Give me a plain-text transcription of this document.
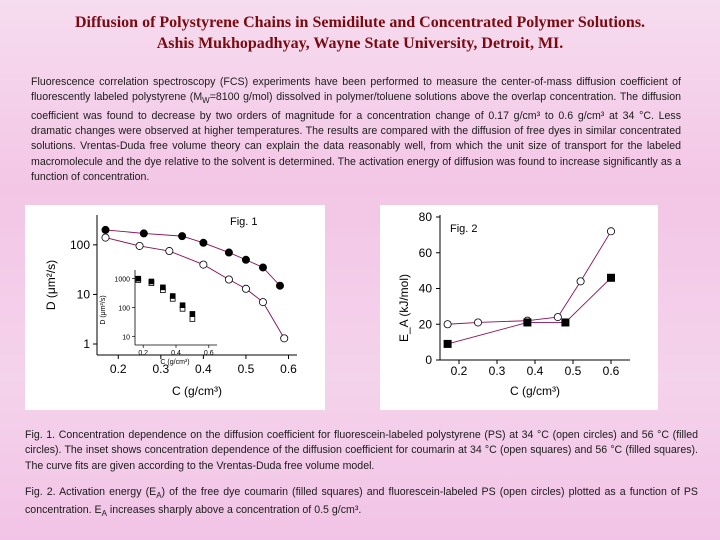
Diffusion of Polystyrene Chains in Semidilute and Concentrated Polymer Solutions.
Ashis Mukhopadhyay, Wayne State University, Detroit, MI.
Fluorescence correlation spectroscopy (FCS) experiments have been performed to measure the center-of-mass diffusion coefficient of fluorescently labeled polystyrene ($M_W=8100$ g/mol) dissolved in polymer/toluene solutions above the overlap concentration. The diffusion coefficient was found to decrease by two orders of magnitude for a concentration change of 0.17 g/cm³ to 0.6 g/cm³ at 34 °C. Less dramatic changes were observed at higher temperatures. The results are compared with the diffusion of free dyes in similar concentrated solutions. Vrentas-Duda free volume theory can explain the data reasonably well, from which the unit size of transport for the labeled macromolecule and the dye relative to the solvent is determined. The activation energy of diffusion was found to increase significantly as a function of concentration.
Fig. 1
100
10
1
0.2 0.3 0.4 0.5 0.6
D (μm²/s)
C (g/cm³)
1000
100
10
0.2	0.4	0.6
D (μm²/s)
C (g/cm³)
Fig. 2
80
60
40
20
0
0.2 0.3 0.4 0.5 0.6
E_A (kJ/mol)
C (g/cm³)
Fig. 1. Concentration dependence on the diffusion coefficient for fluorescein-labeled polystyrene (PS) at 34 °C (open circles) and 56 °C (filled circles). The inset shows concentration dependence of the diffusion coefficient for coumarin at 34 °C (open squares) and 56 °C (filled squares). The curve fits are given according to the Vrentas-Duda free volume model.
Fig. 2. Activation energy $(E_A)$ of the free dye coumarin (filled squares) and fluorescein-labeled PS (open circles) plotted as a function of PS concentration. $E_A$ increases sharply above a concentration of 0.5 g/cm³.
